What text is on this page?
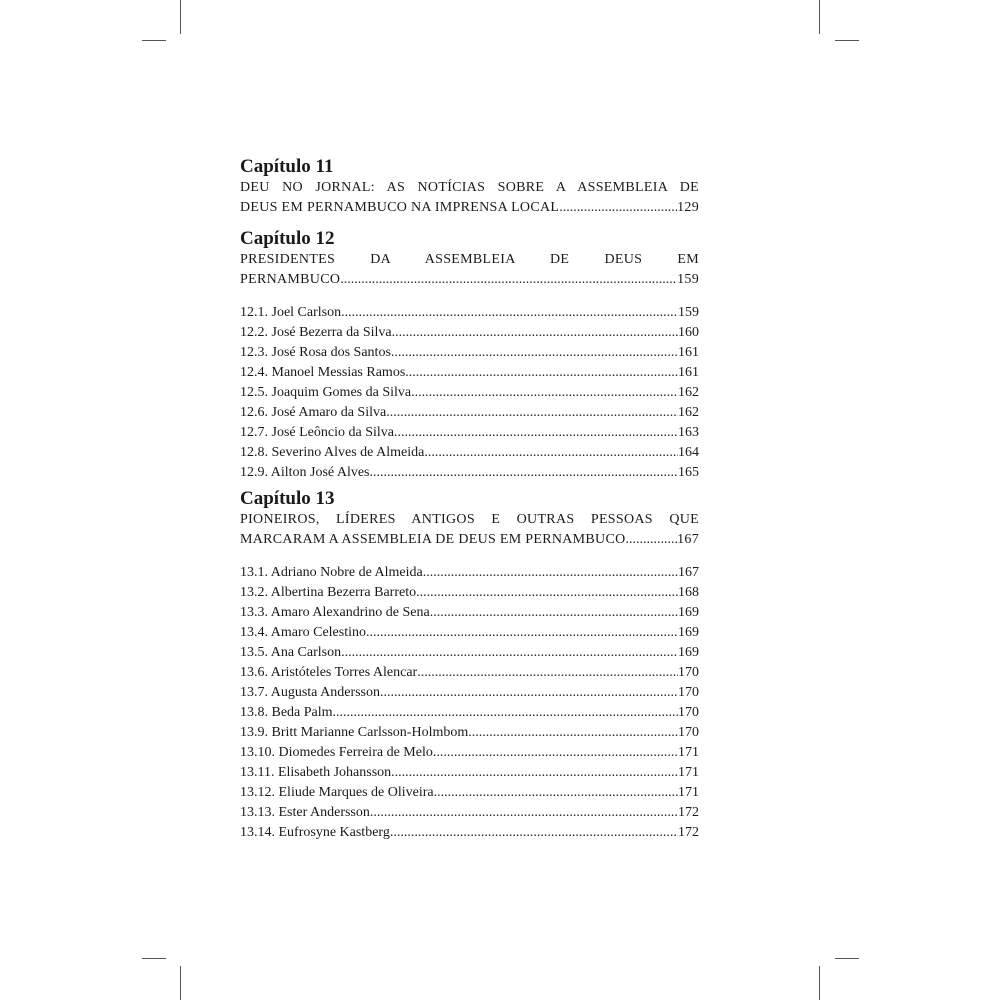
Capítulo 11
DEU NO JORNAL: AS NOTÍCIAS SOBRE A ASSEMBLEIA DE
DEUS EM PERNAMBUCO NA IMPRENSA LOCAL .....	129
Capítulo 12
PRESIDENTES DA ASSEMBLEIA DE DEUS EM
PERNAMBUCO .....	159
12.1. Joel Carlson .....	159
12.2. José Bezerra da Silva .....	160
12.3. José Rosa dos Santos .....	161
12.4. Manoel Messias Ramos .....	161
12.5. Joaquim Gomes da Silva .....	162
12.6. José Amaro da Silva .....	162
12.7. José Leôncio da Silva .....	163
12.8. Severino Alves de Almeida .....	164
12.9. Ailton José Alves .....	165
Capítulo 13
PIONEIROS, LÍDERES ANTIGOS E OUTRAS PESSOAS QUE
MARCARAM A ASSEMBLEIA DE DEUS EM PERNAMBUCO .....	167
13.1. Adriano Nobre de Almeida .....	167
13.2. Albertina Bezerra Barreto .....	168
13.3. Amaro Alexandrino de Sena .....	169
13.4. Amaro Celestino .....	169
13.5. Ana Carlson .....	169
13.6. Aristóteles Torres Alencar .....	170
13.7. Augusta Andersson .....	170
13.8. Beda Palm .....	170
13.9. Britt Marianne Carlsson-Holmbom .....	170
13.10. Diomedes Ferreira de Melo .....	171
13.11. Elisabeth Johansson .....	171
13.12. Eliude Marques de Oliveira .....	171
13.13. Ester Andersson .....	172
13.14. Eufrosyne Kastberg .....	172
